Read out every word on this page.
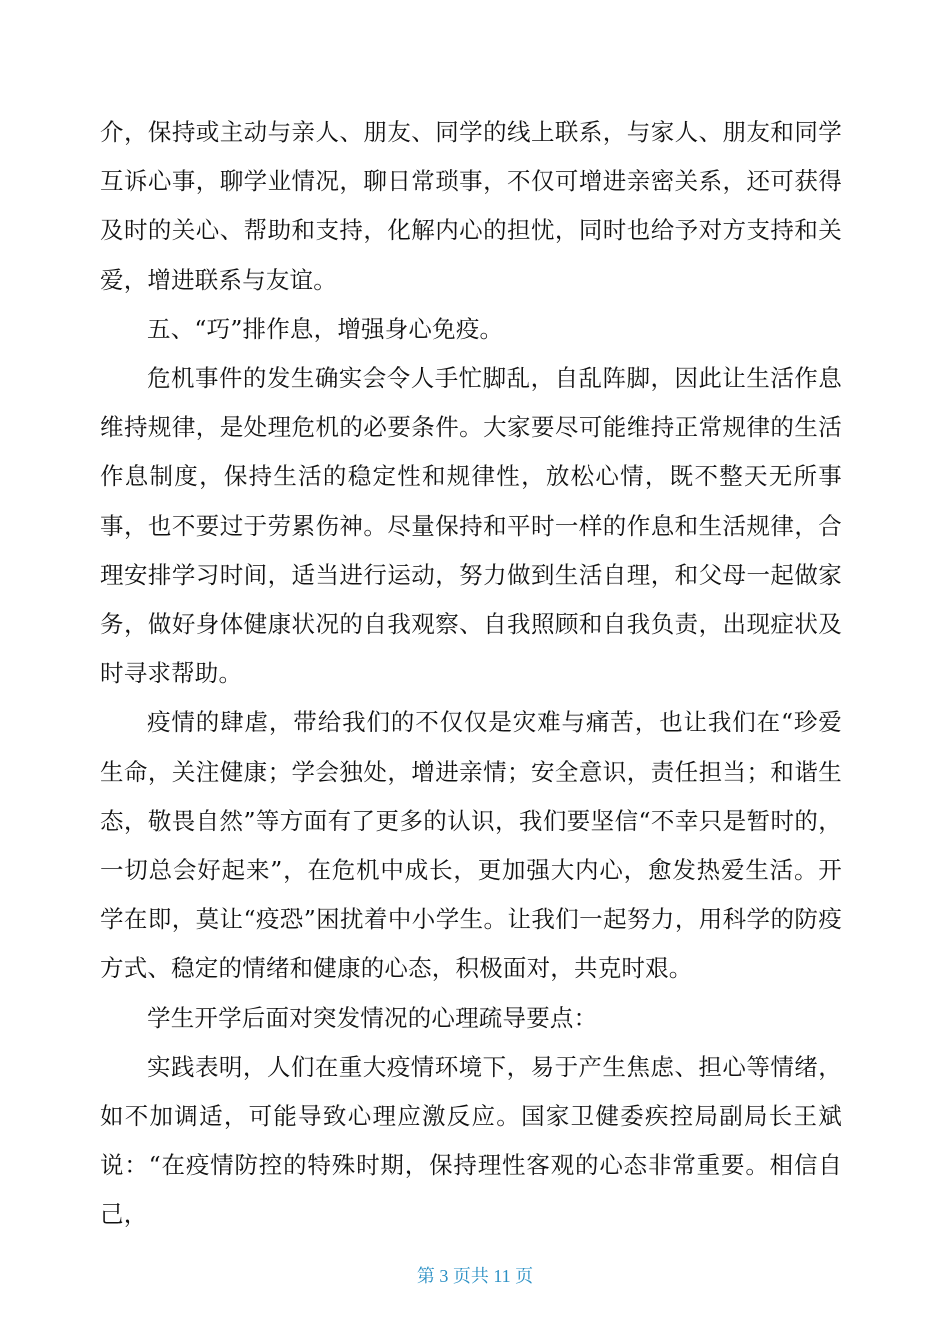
介，保持或主动与亲人、朋友、同学的线上联系，与家人、朋友和同学互诉心事，聊学业情况，聊日常琐事，不仅可增进亲密关系，还可获得及时的关心、帮助和支持，化解内心的担忧，同时也给予对方支持和关爱，增进联系与友谊。

五、“巧”排作息，增强身心免疫。

危机事件的发生确实会令人手忙脚乱，自乱阵脚，因此让生活作息维持规律，是处理危机的必要条件。大家要尽可能维持正常规律的生活作息制度，保持生活的稳定性和规律性，放松心情，既不整天无所事事，也不要过于劳累伤神。尽量保持和平时一样的作息和生活规律，合理安排学习时间，适当进行运动，努力做到生活自理，和父母一起做家务，做好身体健康状况的自我观察、自我照顾和自我负责，出现症状及时寻求帮助。

疫情的肆虐，带给我们的不仅仅是灾难与痛苦，也让我们在“珍爱生命，关注健康；学会独处，增进亲情；安全意识，责任担当；和谐生态，敬畏自然”等方面有了更多的认识，我们要坚信“不幸只是暂时的，一切总会好起来”，在危机中成长，更加强大内心，愈发热爱生活。开学在即，莫让“疫恐”困扰着中小学生。让我们一起努力，用科学的防疫方式、稳定的情绪和健康的心态，积极面对，共克时艰。

学生开学后面对突发情况的心理疏导要点：

实践表明，人们在重大疫情环境下，易于产生焦虑、担心等情绪，如不加调适，可能导致心理应激反应。国家卫健委疾控局副局长王斌说：“在疫情防控的特殊时期，保持理性客观的心态非常重要。相信自己，

第 3 页共 11 页
